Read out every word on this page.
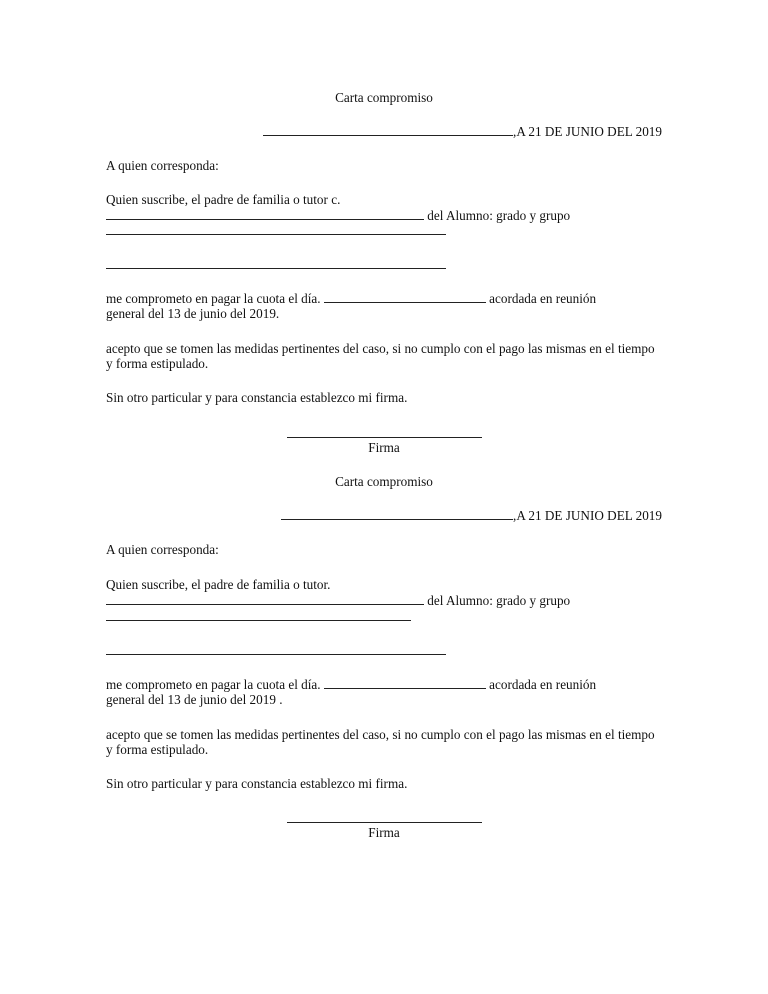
Carta compromiso

,A 21 DE JUNIO DEL 2019

A quien corresponda:

Quien suscribe, el padre de familia o tutor c.

del Alumno: grado y grupo

me comprometo en pagar la cuota el día.	acordada en reunión

general del 13 de junio del 2019.

acepto que se tomen las medidas pertinentes del caso, si no cumplo con el pago las mismas en el tiempo y forma estipulado.

Sin otro particular y para constancia establezco mi firma.

Firma

Carta compromiso

,A 21 DE JUNIO DEL 2019

A quien corresponda:

Quien suscribe, el padre de familia o tutor.

del Alumno: grado y grupo

me comprometo en pagar la cuota el día.	acordada en reunión

general del 13 de junio del 2019 .

acepto que se tomen las medidas pertinentes del caso, si no cumplo con el pago las mismas en el tiempo y forma estipulado.

Sin otro particular y para constancia establezco mi firma.

Firma
